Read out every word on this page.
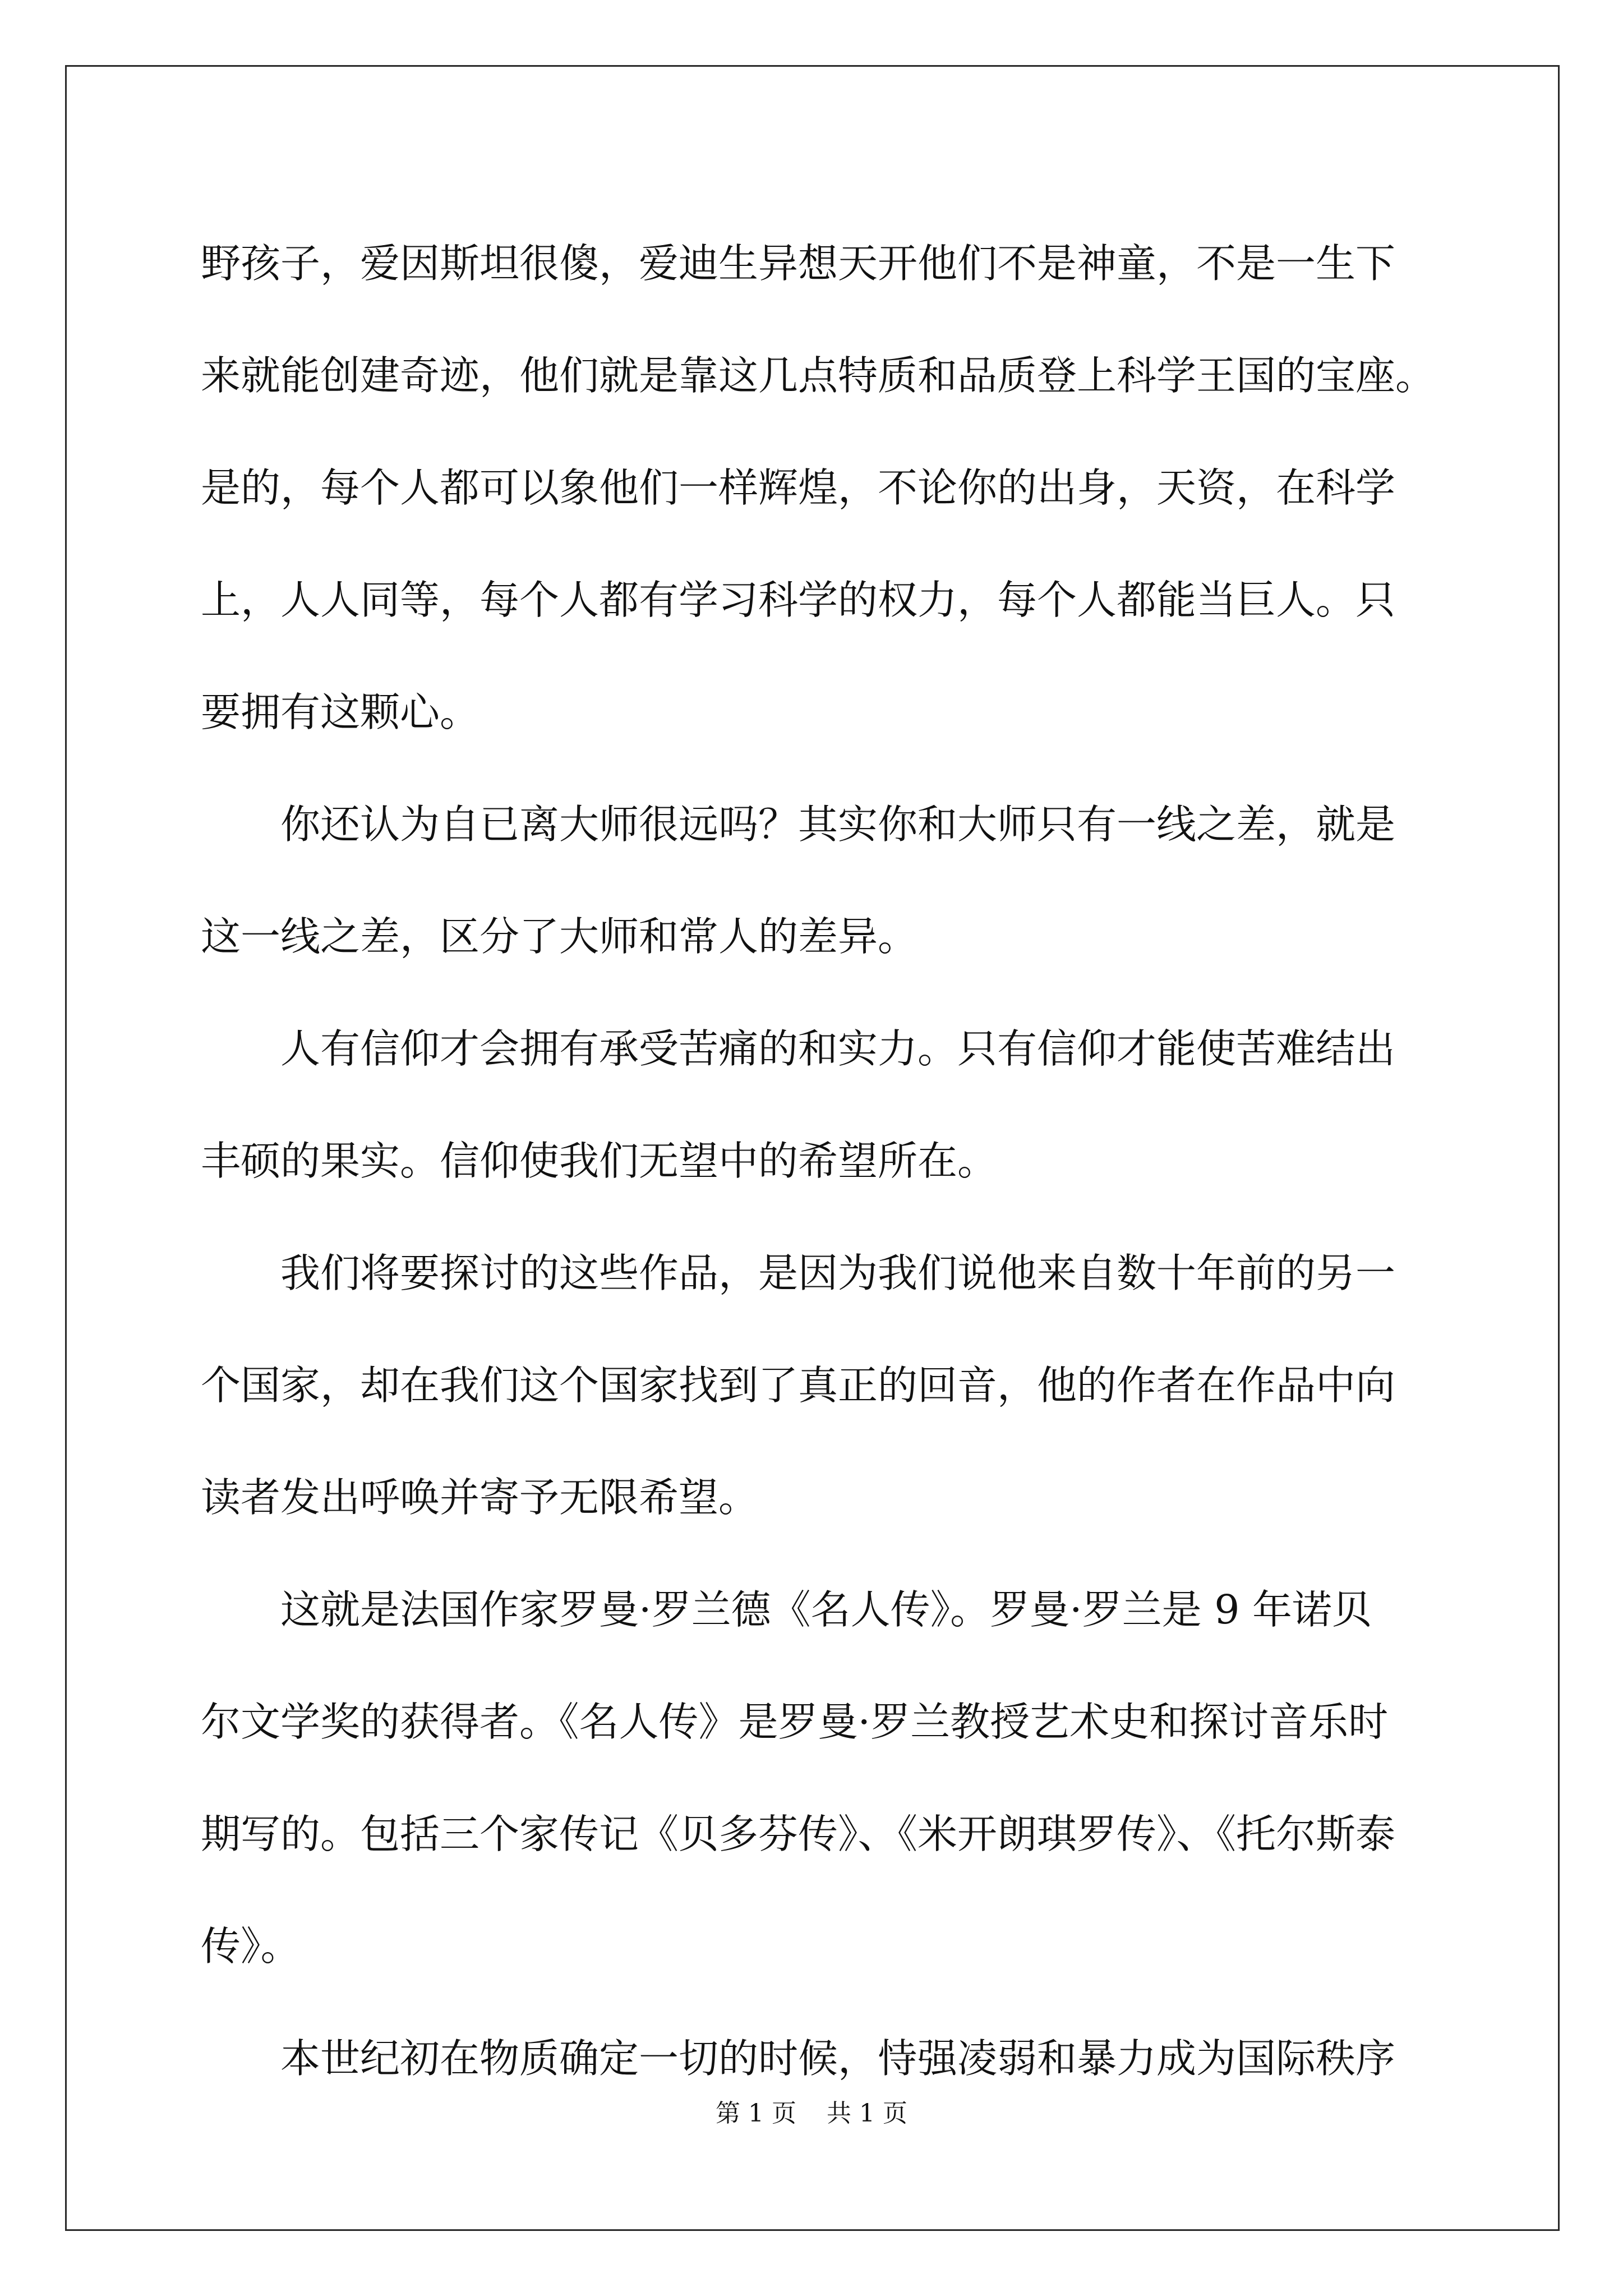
野孩子，爱因斯坦很傻，爱迪生异想天开他们不是神童，不是一生下
来就能创建奇迹，他们就是靠这几点特质和品质登上科学王国的宝座。
是的，每个人都可以象他们一样辉煌，不论你的出身，天资，在科学
上，人人同等，每个人都有学习科学的权力，每个人都能当巨人。只
要拥有这颗心。
　　你还认为自已离大师很远吗？其实你和大师只有一线之差，就是
这一线之差，区分了大师和常人的差异。
　　人有信仰才会拥有承受苦痛的和实力。只有信仰才能使苦难结出
丰硕的果实。信仰使我们无望中的希望所在。
　　我们将要探讨的这些作品，是因为我们说他来自数十年前的另一
个国家，却在我们这个国家找到了真正的回音，他的作者在作品中向
读者发出呼唤并寄予无限希望。
　　这就是法国作家罗曼·罗兰德《名人传》。罗曼·罗兰是 9 年诺贝
尔文学奖的获得者。《名人传》是罗曼·罗兰教授艺术史和探讨音乐时
期写的。包括三个家传记《贝多芬传》、《米开朗琪罗传》、《托尔斯泰
传》。
　　本世纪初在物质确定一切的时候，恃强凌弱和暴力成为国际秩序
第 1 页 共 1 页
